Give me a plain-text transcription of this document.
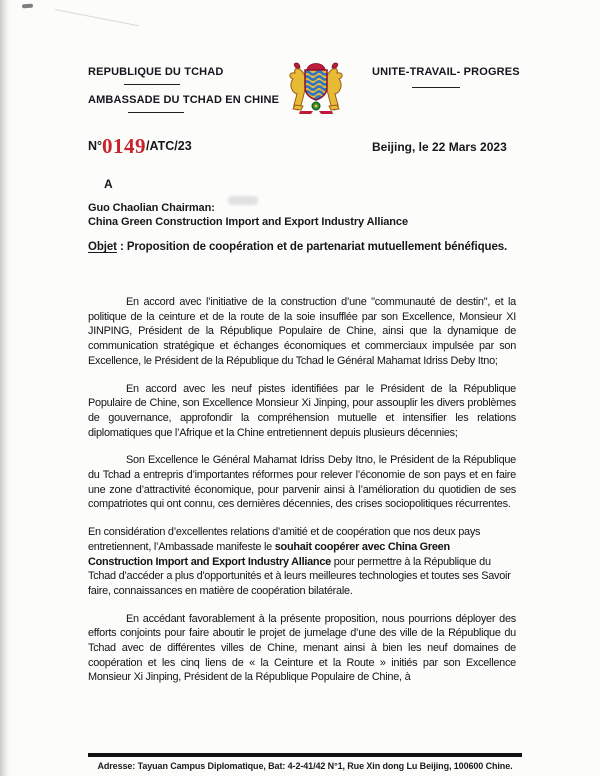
REPUBLIQUE DU TCHAD
AMBASSADE DU TCHAD EN CHINE
UNITE-TRAVAIL- PROGRES
N°0149/ATC/23	Beijing, le 22 Mars 2023
A
Guo Chaolian Chairman:
China Green Construction Import and Export Industry Alliance
Objet : Proposition de coopération et de partenariat mutuellement bénéfiques.

En accord avec l’initiative de la construction d’une "communauté de destin", et la politique de la ceinture et de la route de la soie insufflée par son Excellence, Monsieur XI JINPING, Président de la République Populaire de Chine, ainsi que la dynamique de communication stratégique et échanges économiques et commerciaux impulsée par son Excellence, le Président de la République du Tchad le Général Mahamat Idriss Deby Itno;

En accord avec les neuf pistes identifiées par le Président de la République Populaire de Chine, son Excellence Monsieur Xi Jinping, pour assouplir les divers problèmes de gouvernance, approfondir la compréhension mutuelle et intensifier les relations diplomatiques que l’Afrique et la Chine entretiennent depuis plusieurs décennies;

Son Excellence le Général Mahamat Idriss Deby Itno, le Président de la République du Tchad a entrepris d’importantes réformes pour relever l’économie de son pays et en faire une zone d’attractivité économique, pour parvenir ainsi à l’amélioration du quotidien de ses compatriotes qui ont connu, ces dernières décennies, des crises sociopolitiques récurrentes.

En considération d’excellentes relations d’amitié et de coopération que nos deux pays entretiennent, l’Ambassade manifeste le souhait coopérer avec China Green Construction Import and Export Industry Alliance pour permettre à la République du Tchad d’accéder a plus d'opportunités et à leurs meilleures technologies et toutes ses Savoir faire, connaissances en matière de coopération bilatérale.

En accédant favorablement à la présente proposition, nous pourrions déployer des efforts conjoints pour faire aboutir le projet de jumelage d’une des ville de la République du Tchad avec de différentes villes de Chine, menant ainsi à bien les neuf domaines de coopération et les cinq liens de « la Ceinture et la Route » initiés par son Excellence Monsieur Xi Jinping, Président de la République Populaire de Chine, à

Adresse: Tayuan Campus Diplomatique, Bat: 4-2-41/42 N°1, Rue Xin dong Lu Beijing, 100600 Chine.
